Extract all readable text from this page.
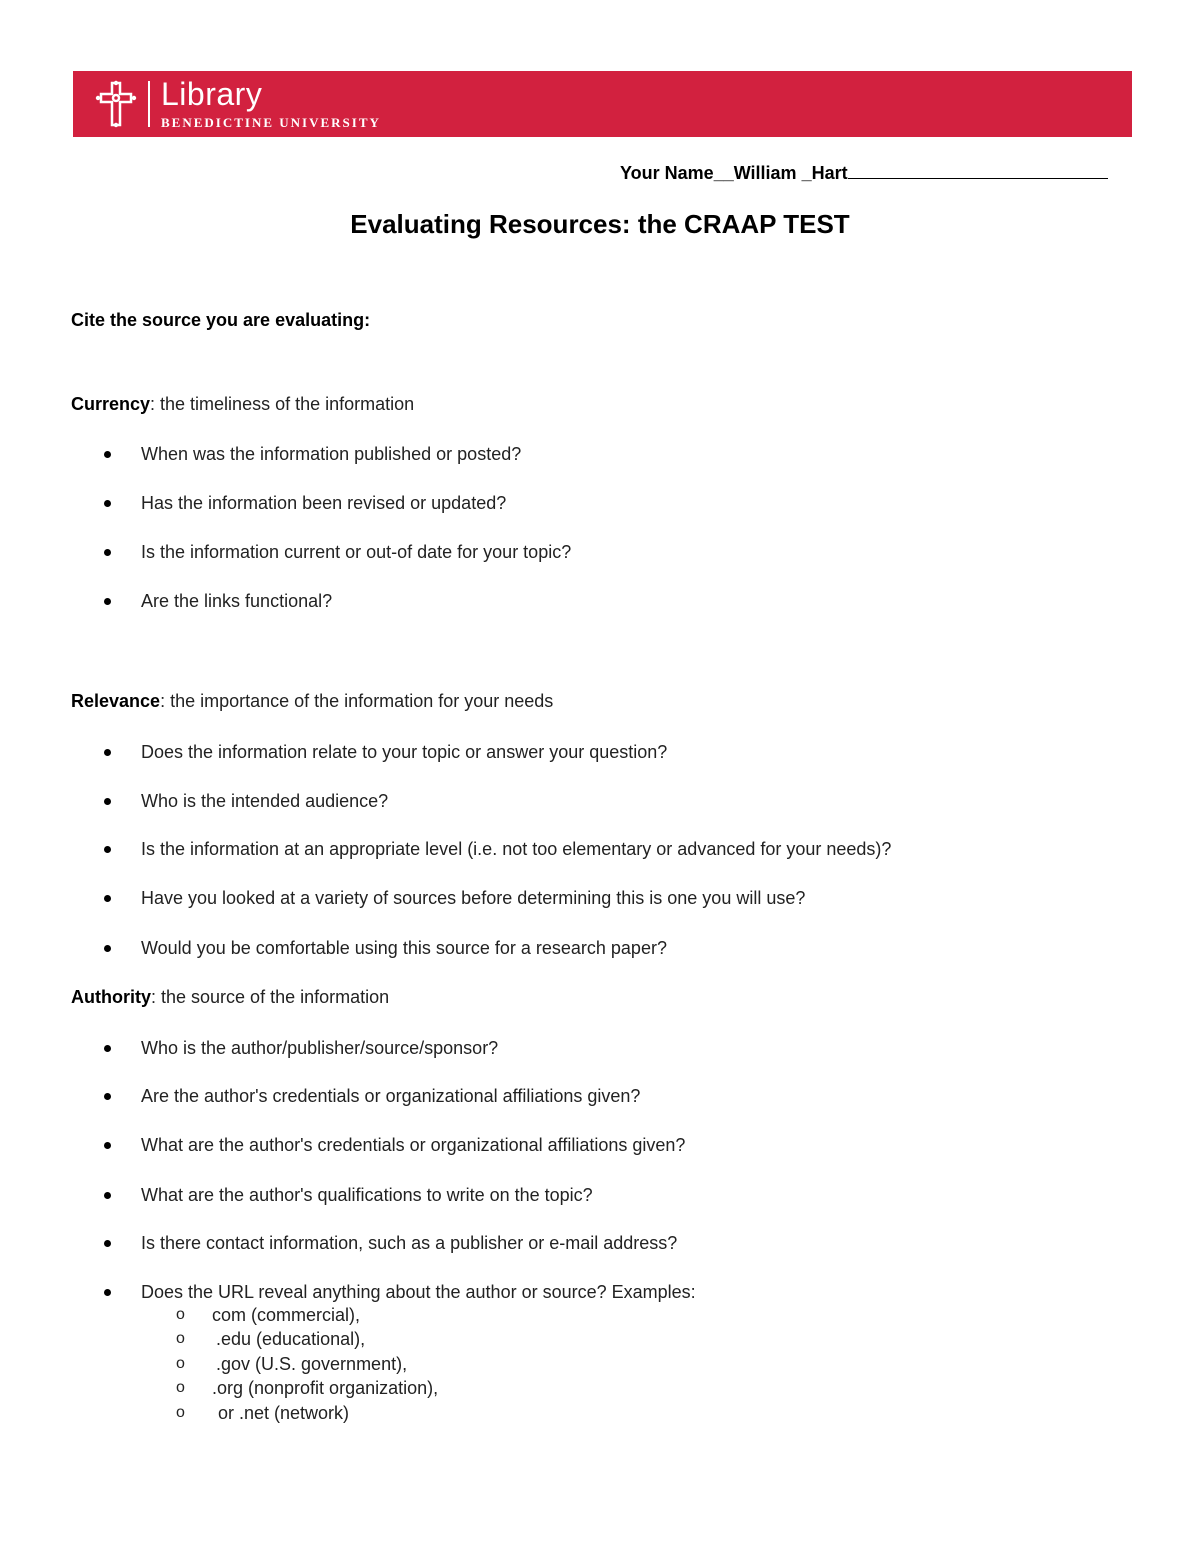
Library
BENEDICTINE UNIVERSITY
Your Name__William _Hart
Evaluating Resources: the CRAAP TEST
Cite the source you are evaluating:
Currency: the timeliness of the information
When was the information published or posted?
Has the information been revised or updated?
Is the information current or out-of date for your topic?
Are the links functional?
Relevance: the importance of the information for your needs
Does the information relate to your topic or answer your question?
Who is the intended audience?
Is the information at an appropriate level (i.e. not too elementary or advanced for your needs)?
Have you looked at a variety of sources before determining this is one you will use?
Would you be comfortable using this source for a research paper?
Authority: the source of the information
Who is the author/publisher/source/sponsor?
Are the author's credentials or organizational affiliations given?
What are the author's credentials or organizational affiliations given?
What are the author's qualifications to write on the topic?
Is there contact information, such as a publisher or e-mail address?
Does the URL reveal anything about the author or source? Examples:
o com (commercial),
o .edu (educational),
o .gov (U.S. government),
o .org (nonprofit organization),
o or .net (network)
